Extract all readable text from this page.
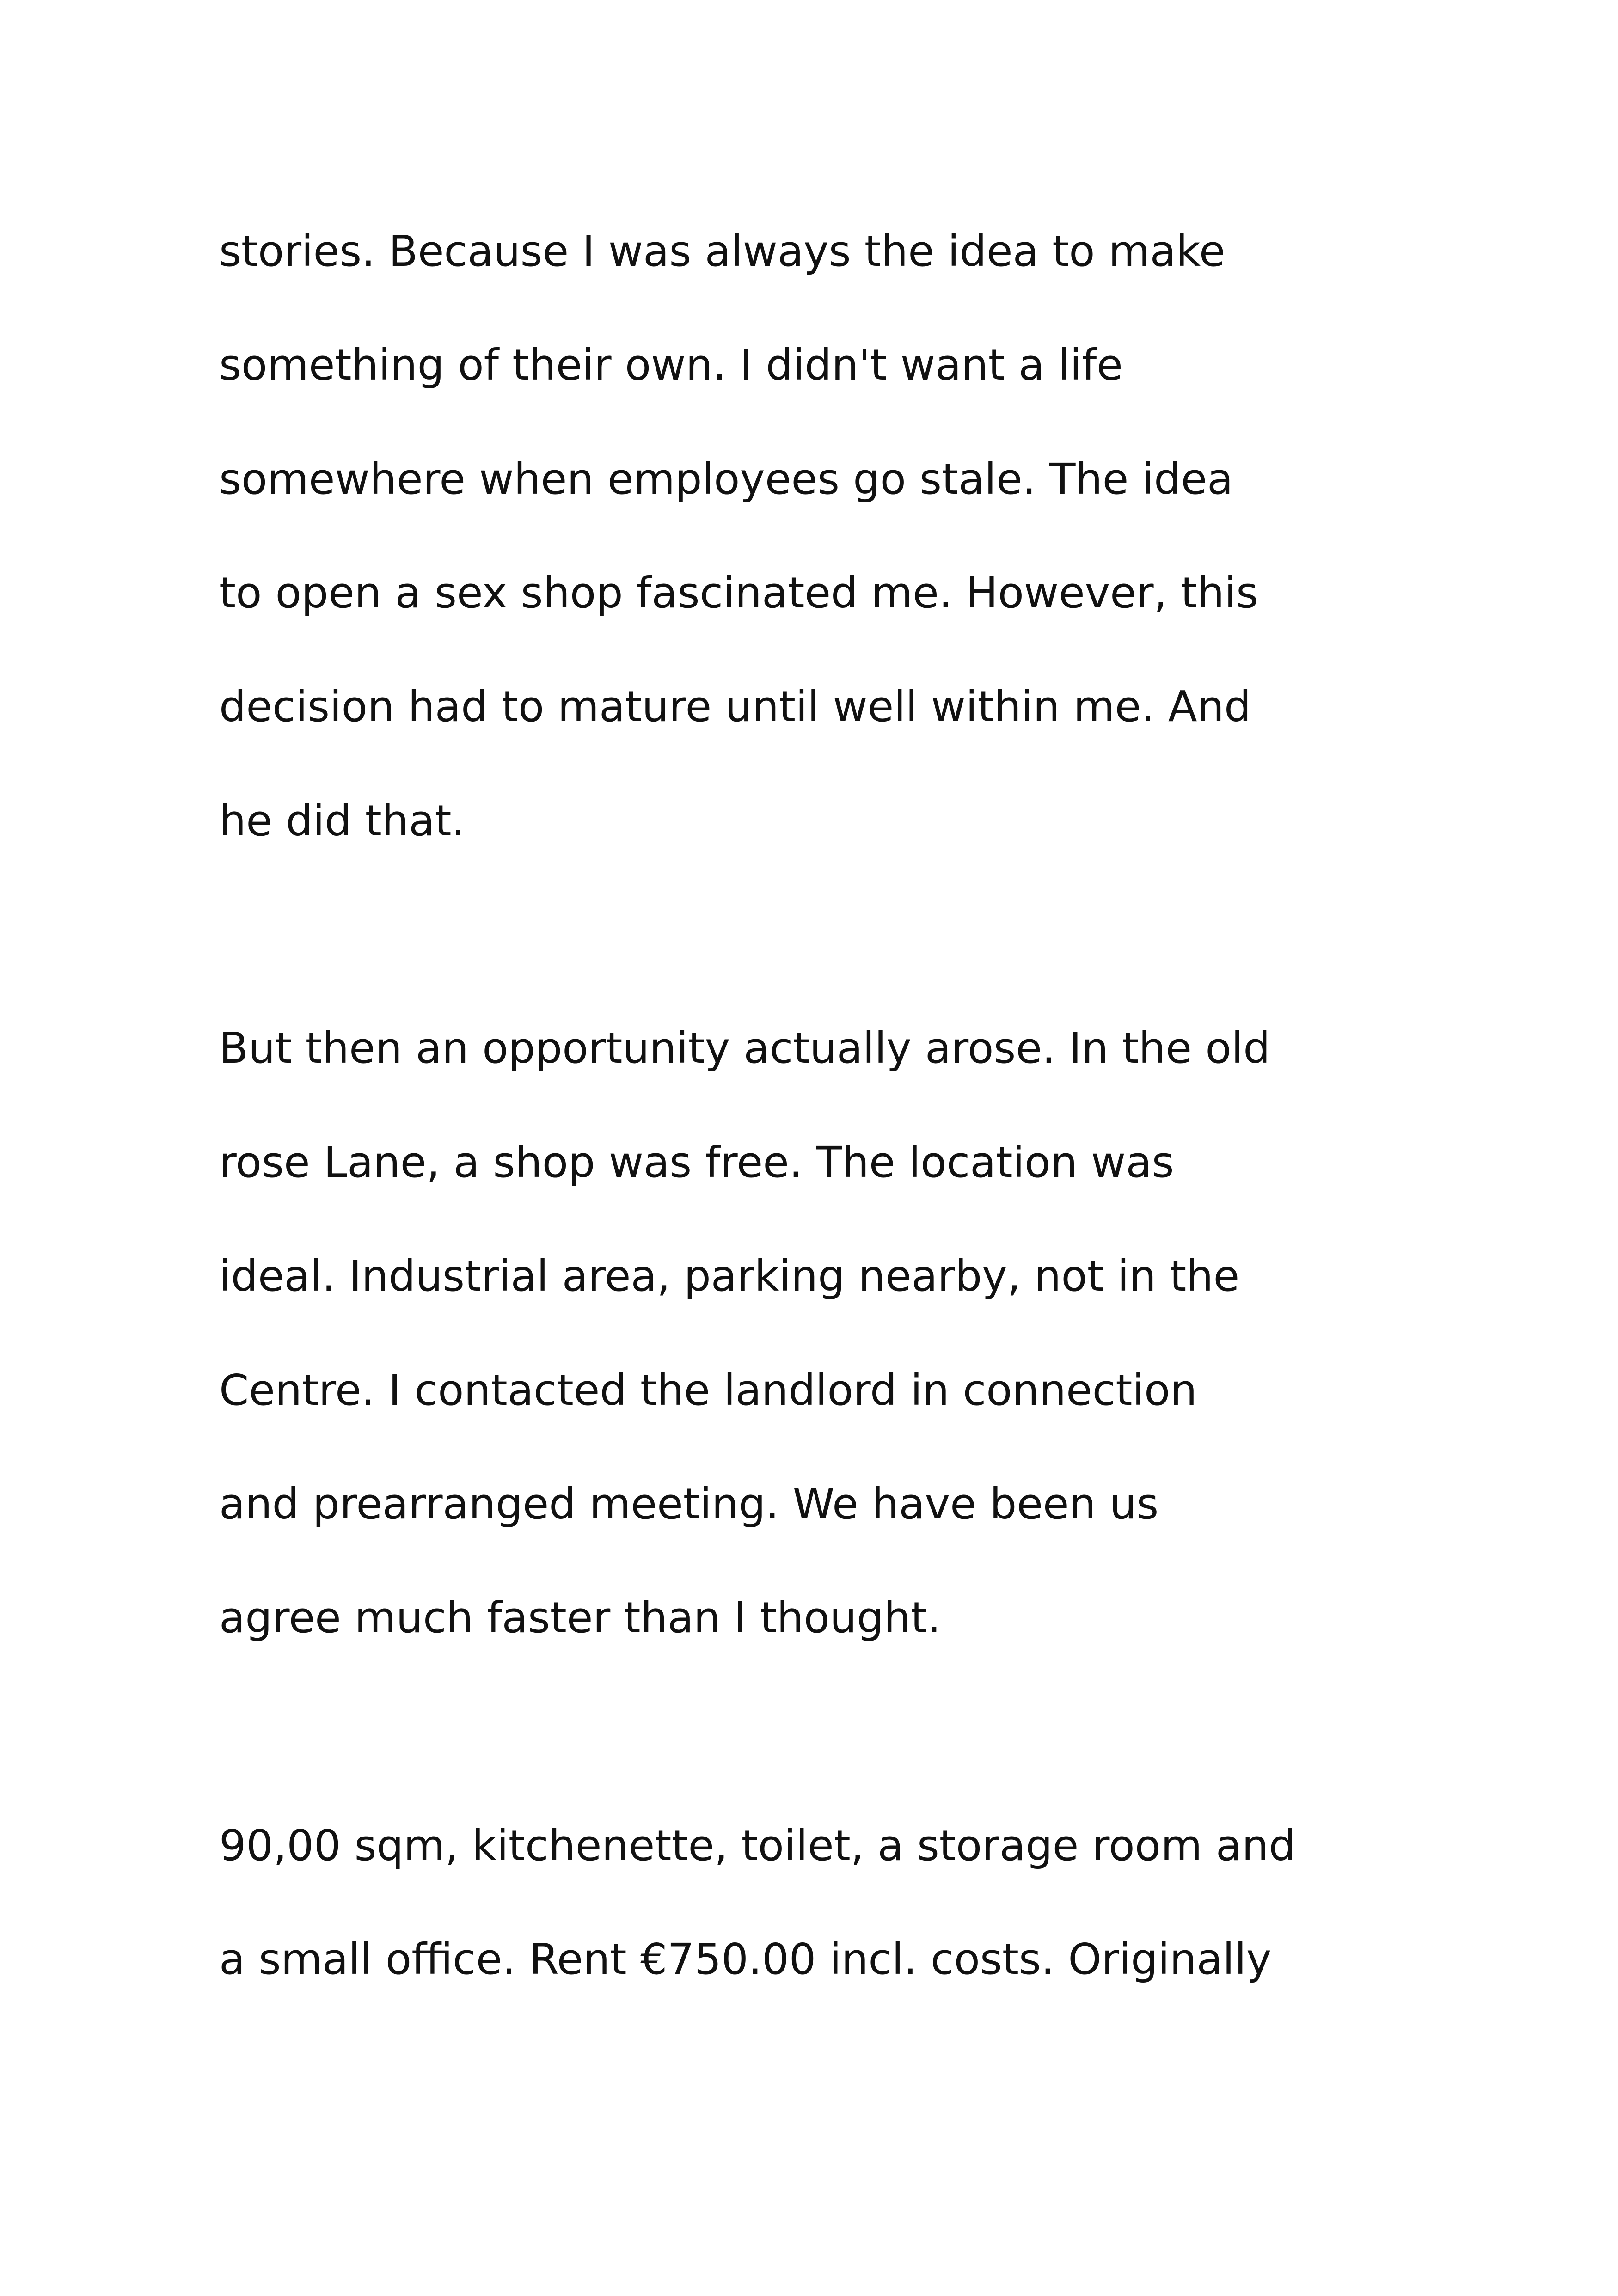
stories. Because I was always the idea to make

something of their own. I didn't want a life

somewhere when employees go stale. The idea

to open a sex shop fascinated me. However, this

decision had to mature until well within me. And

he did that.

But then an opportunity actually arose. In the old

rose Lane, a shop was free. The location was

ideal. Industrial area, parking nearby, not in the

Centre. I contacted the landlord in connection

and prearranged meeting. We have been us

agree much faster than I thought.

90,00 sqm, kitchenette, toilet, a storage room and

a small office. Rent €750.00 incl. costs. Originally
